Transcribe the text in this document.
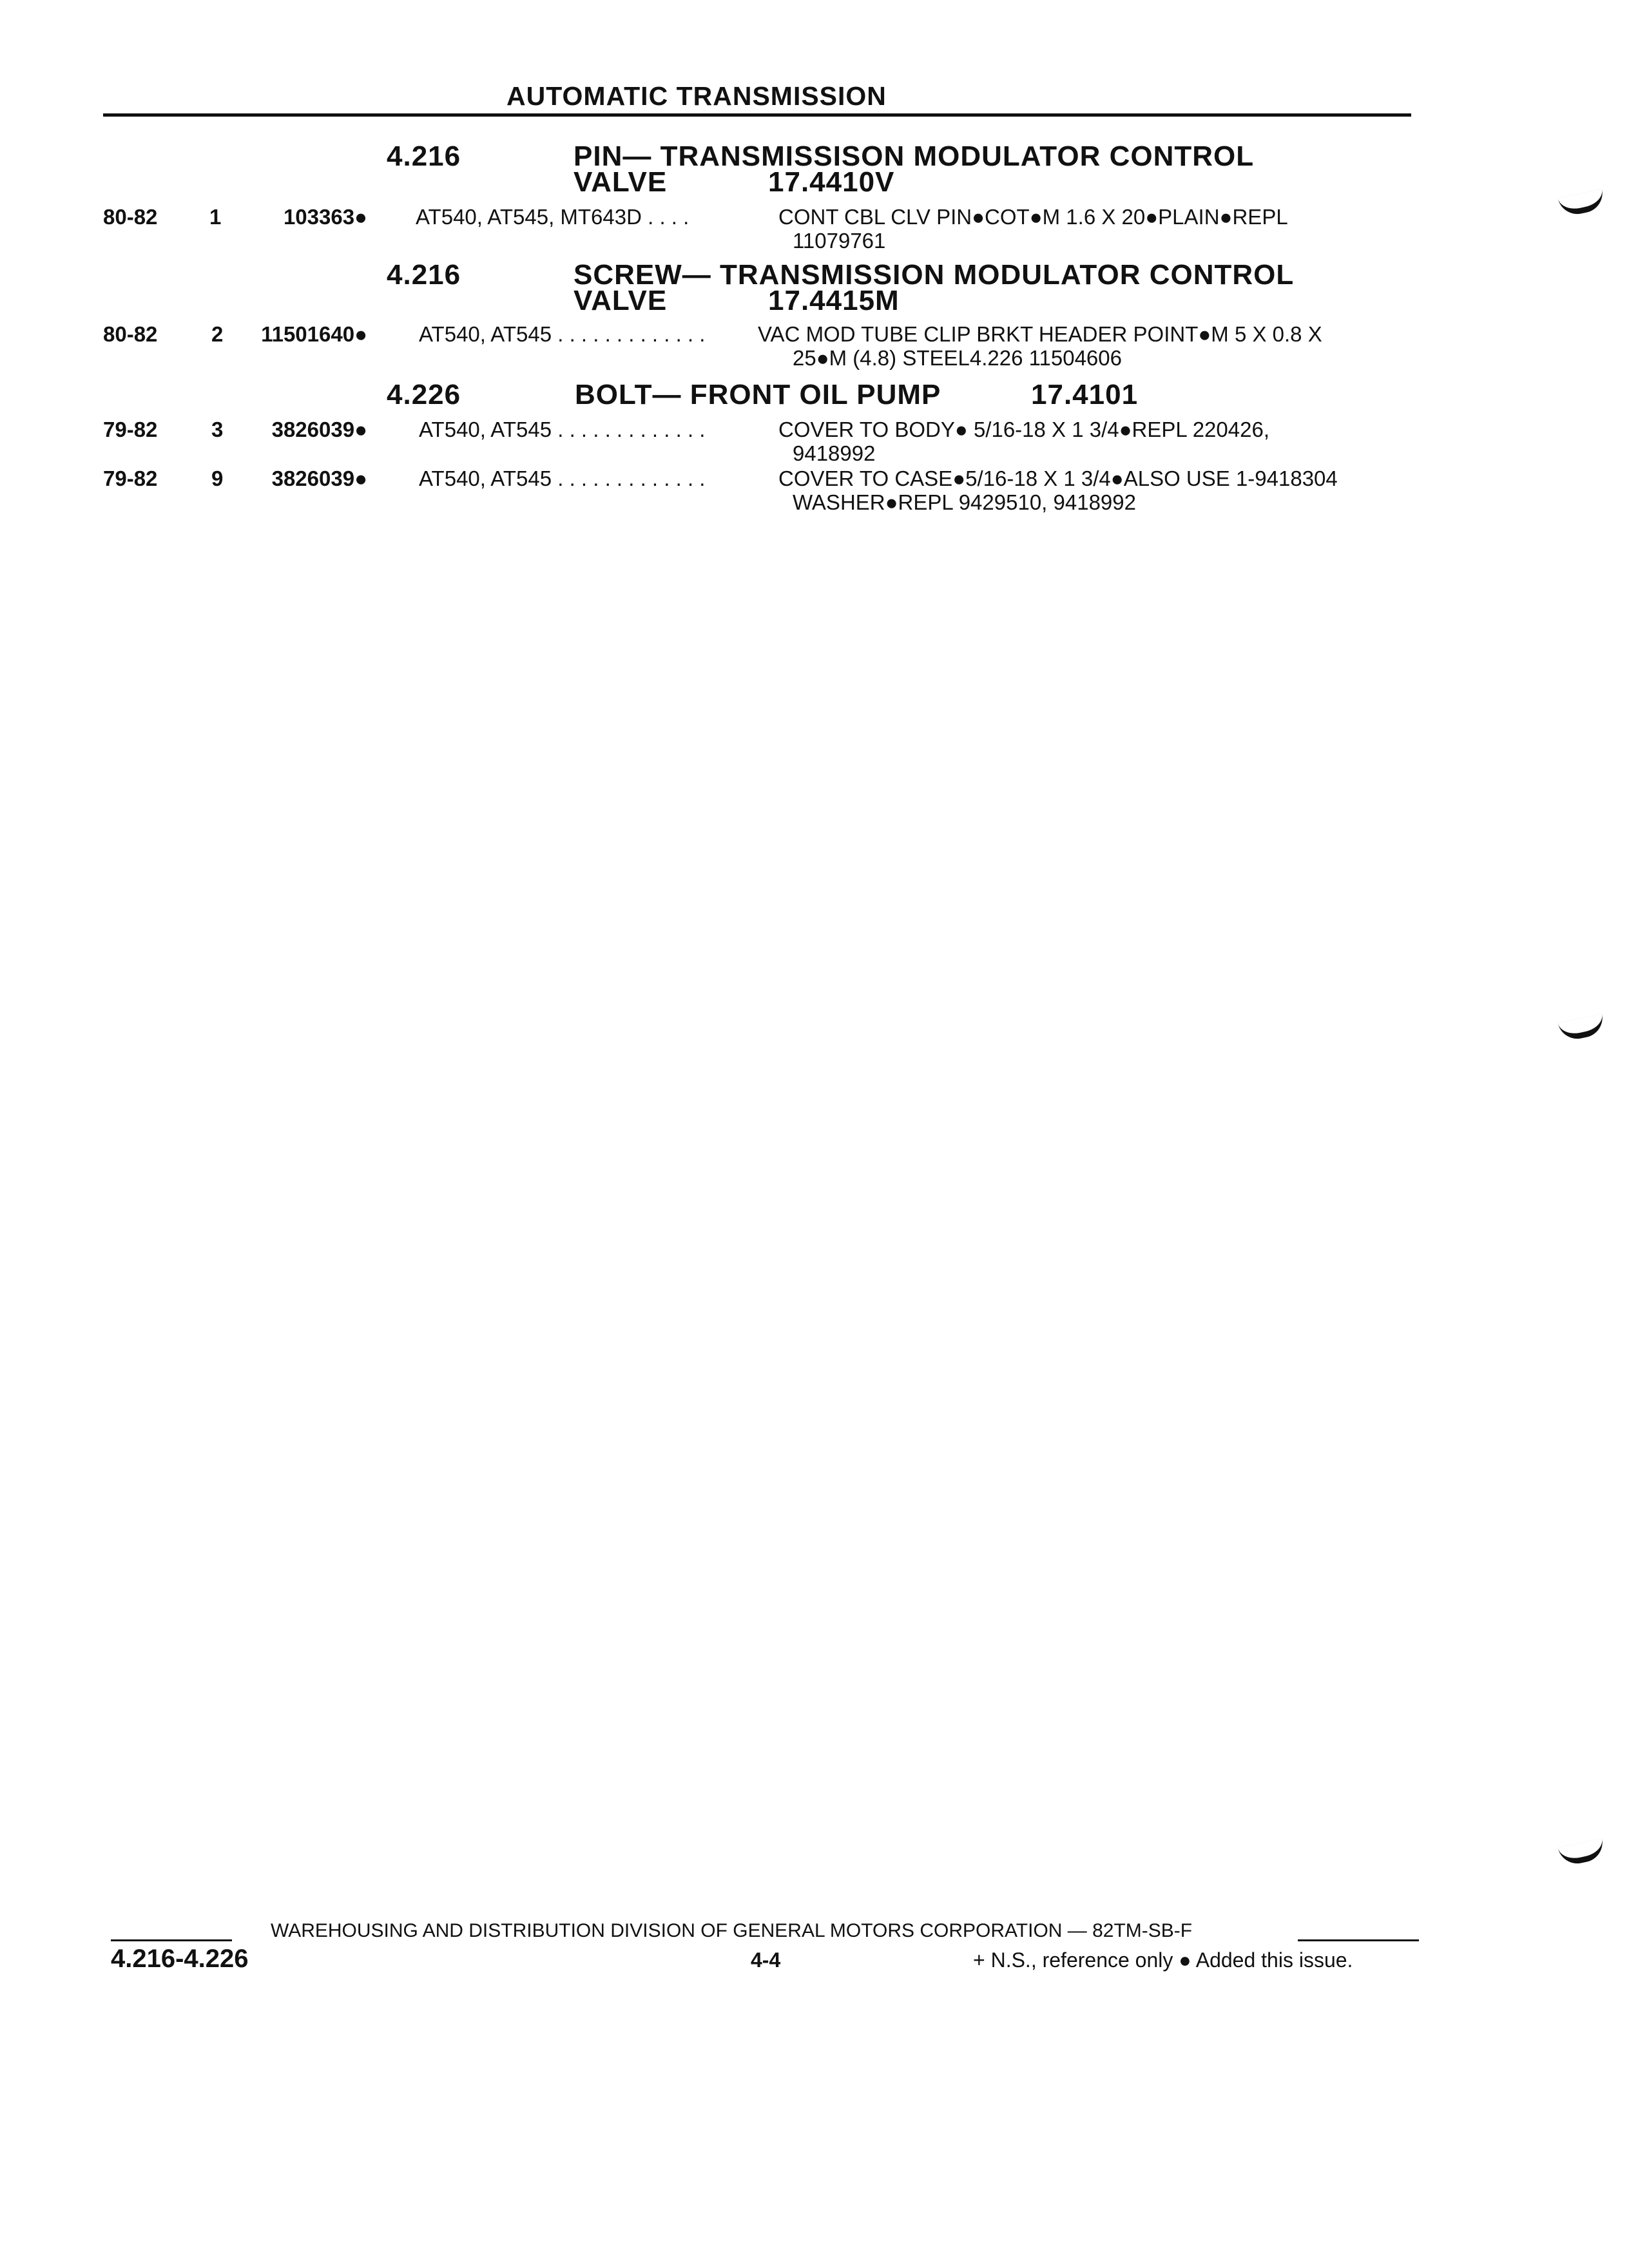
AUTOMATIC TRANSMISSION
4.216	PIN— TRANSMISSISON MODULATOR CONTROL
VALVE	17.4410V
80-82 1	103363● AT540, AT545, MT643D . . . .	CONT CBL CLV PIN●COT●M 1.6 X 20●PLAIN●REPL
11079761
4.216	SCREW— TRANSMISSION MODULATOR CONTROL
VALVE	17.4415M
80-82	2 11501640● AT540, AT545 . . . . . . . . . . . . . VAC MOD TUBE CLIP BRKT HEADER POINT●M 5 X 0.8 X
25●M (4.8) STEEL4.226 11504606
4.226	BOLT— FRONT OIL PUMP	17.4101
79-82	3 3826039● AT540, AT545 . . . . . . . . . . . . .	COVER TO BODY● 5/16-18 X 1 3/4●REPL 220426,
9418992
79-82	9 3826039● AT540, AT545 . . . . . . . . . . . . .	COVER TO CASE●5/16-18 X 1 3/4●ALSO USE 1-9418304
WASHER●REPL 9429510, 9418992
WAREHOUSING AND DISTRIBUTION DIVISION OF GENERAL MOTORS CORPORATION — 82TM-SB-F
4.216-4.226	4-4	+ N.S., reference only ● Added this issue.
